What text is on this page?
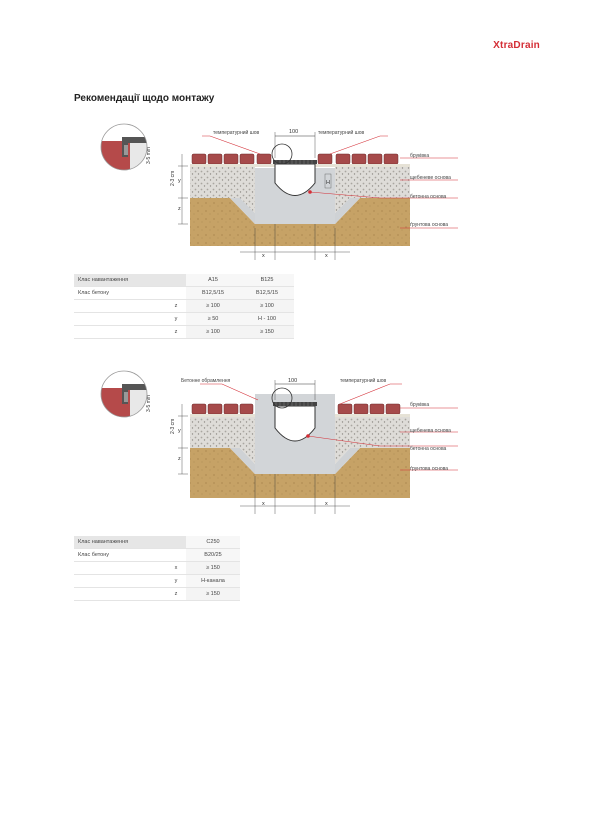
XtraDrain
Рекомендації щодо монтажу
3-5 mm
100
температурний шов	температурний шов
бруківка
щебеневе основа
бетонна основа
ґрунтова основа
2-3 cm y
z
H
x	x
Клас навантаження		A15	B125
Клас бетону		B12,5/15	B12,5/15
	z	≥ 100	≥ 100
	y	≥ 50	H - 100
	z	≥ 100	≥ 150
3-5 mm
100
Бетонне обрамлення	температурний шов
бруківка
щебенева основа
бетонна основа
ґрунтова основа
2-3 cm y
z
x	x
Клас навантаження		C250
Клас бетону		B20/25
	x	≥ 150
	y	H-канала
	z	≥ 150
